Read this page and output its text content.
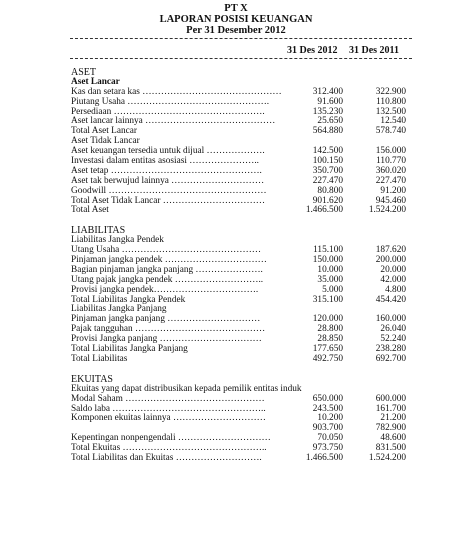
PT X
LAPORAN POSISI KEUANGAN
Per 31 Desember 2012
31 Des 2012 31 Des 2011
ASET
Aset Lancar
Kas dan setara kas ………………………………………	312.400	322.900
Piutang Usaha ……………………………………….	91.600	110.800
Persediaan ………………………………………….	135.230	132.500
Aset lancar lainnya ……………………………………	25.650	12.540
Total Aset Lancar	564.880	578.740
Aset Tidak Lancar
Aset keuangan tersedia untuk dijual ……………….	142.500	156.000
Investasi dalam entitas asosiasi …………………..	100.150	110.770
Aset tetap ………………………………………….	350.700	360.020
Aset tak berwujud lainnya …………………………	227.470	227.470
Goodwill ……………………………………………	80.800	91.200
Total Aset Tidak Lancar ……………………………	901.620	945.460
Total Aset	1.466.500	1.524.200
LIABILITAS
Liabilitas Jangka Pendek
Utang Usaha ………………………………………	115.100	187.620
Pinjaman jangka pendek ……………………………	150.000	200.000
Bagian pinjaman jangka panjang ………………….	10.000	20.000
Utang pajak jangka pendek ………………………..	35.000	42.000
Provisi jangka pendek…………………………….	5.000	4.800
Total Liabilitas Jangka Pendek	315.100	454.420
Liabilitas Jangka Panjang
Pinjaman jangka panjang …………………………	120.000	160.000
Pajak tangguhan ……………………………………	28.800	26.040
Provisi Jangka panjang ……………………………	28.850	52.240
Total Liabilitas Jangka Panjang	177.650	238.280
Total Liabilitas	492.750	692.700
EKUITAS
Ekuitas yang dapat distribusikan kepada pemilik entitas induk
Modal Saham ………………………………………	650.000	600.000
Saldo laba …………………………………………..	243.500	161.700
Komponen ekuitas lainnya …………………………	10.200	21.200
903.700	782.900
Kepentingan nonpengendali …………………………	70.050	48.600
Total Ekuitas ………………………………………..	973.750	831.500
Total Liabilitas dan Ekuitas ……………………….	1.466.500	1.524.200
